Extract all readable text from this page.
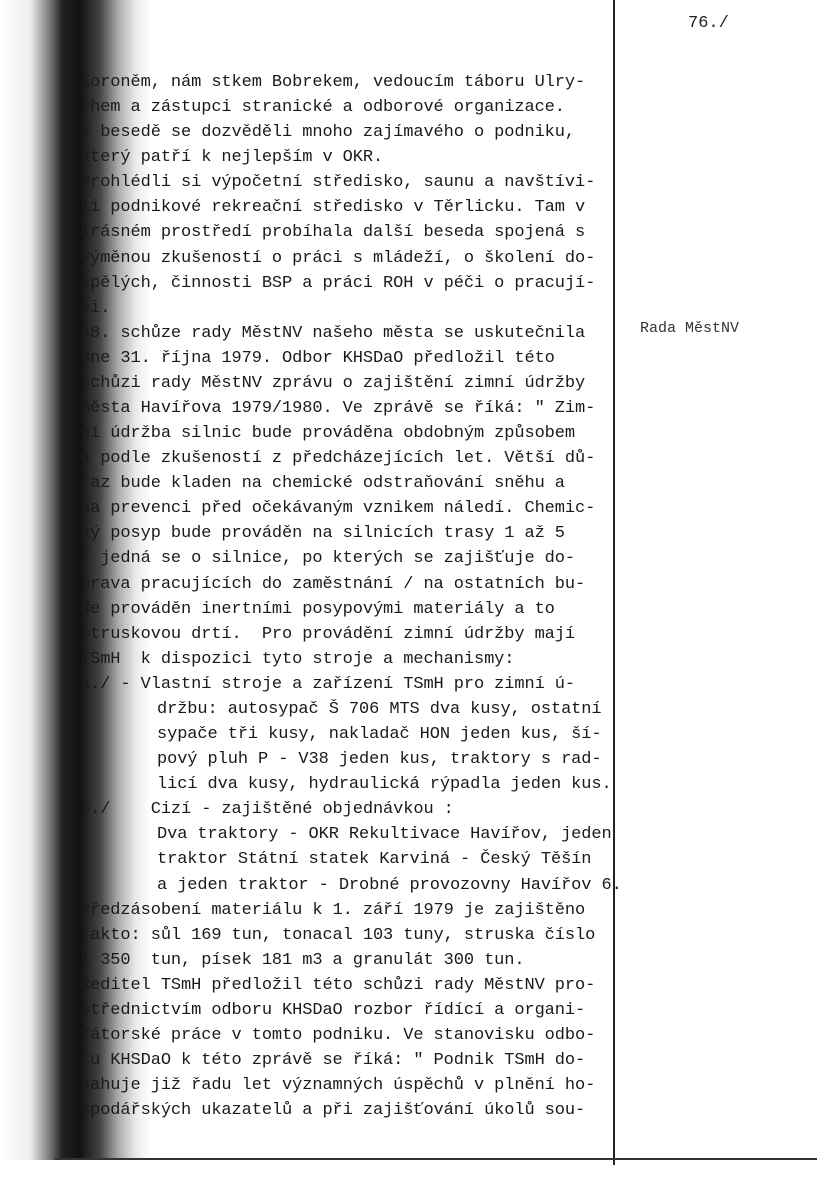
76./
Rada MěstNV
Koroněm, nám stkem Bobrekem, vedoucím táboru Ulry-
chem a zástupci stranické a odborové organizace.
v besedě se dozvěděli mnoho zajímavého o podniku,
který patří k nejlepším v OKR.
Prohlédli si výpočetní středisko, saunu a navštívi-
li podnikové rekreační středisko v Těrlicku. Tam v
krásném prostředí probíhala další beseda spojená s
výměnou zkušeností o práci s mládeží, o školení do-
spělých, činnosti BSP a práci ROH v péči o pracují-
ci.
48. schůze rady MěstNV našeho města se uskutečnila
dne 31. října 1979. Odbor KHSDaO předložil této
schůzi rady MěstNV zprávu o zajištění zimní údržby
města Havířova 1979/1980. Ve zprávě se říká: " Zim-
ní údržba silnic bude prováděna obdobným způsobem
a podle zkušeností z předcházejících let. Větší dů-
raz bude kladen na chemické odstraňování sněhu a
na prevenci před očekávaným vznikem náledí. Chemic-
ký posyp bude prováděn na silnicích trasy 1 až 5
/ jedná se o silnice, po kterých se zajišťuje do-
prava pracujících do zaměstnání / na ostatních bu-
de prováděn inertními posypovými materiály a to
struskovou drtí.  Pro provádění zimní údržby mají
TSmH  k dispozici tyto stroje a mechanismy:
a./ - Vlastní stroje a zařízení TSmH pro zimní ú-
držbu: autosypač Š 706 MTS dva kusy, ostatní
sypače tři kusy, nakladač HON jeden kus, ší-
pový pluh P - V38 jeden kus, traktory s rad-
licí dva kusy, hydraulická rýpadla jeden kus.
b./    Cizí - zajištěné objednávkou :
Dva traktory - OKR Rekultivace Havířov, jeden
traktor Státní statek Karviná - Český Těšín
a jeden traktor - Drobné provozovny Havířov 6.
Předzásobení materiálu k 1. září 1979 je zajištěno
takto: sůl 169 tun, tonacal 103 tuny, struska číslo
1 350  tun, písek 181 m3 a granulát 300 tun.
Ředitel TSmH předložil této schůzi rady MěstNV pro-
střednictvím odboru KHSDaO rozbor řídící a organi-
zátorské práce v tomto podniku. Ve stanovisku odbo-
ru KHSDaO k této zprávě se říká: " Podnik TSmH do-
sahuje již řadu let významných úspěchů v plnění ho-
spodářských ukazatelů a při zajišťování úkolů sou-
